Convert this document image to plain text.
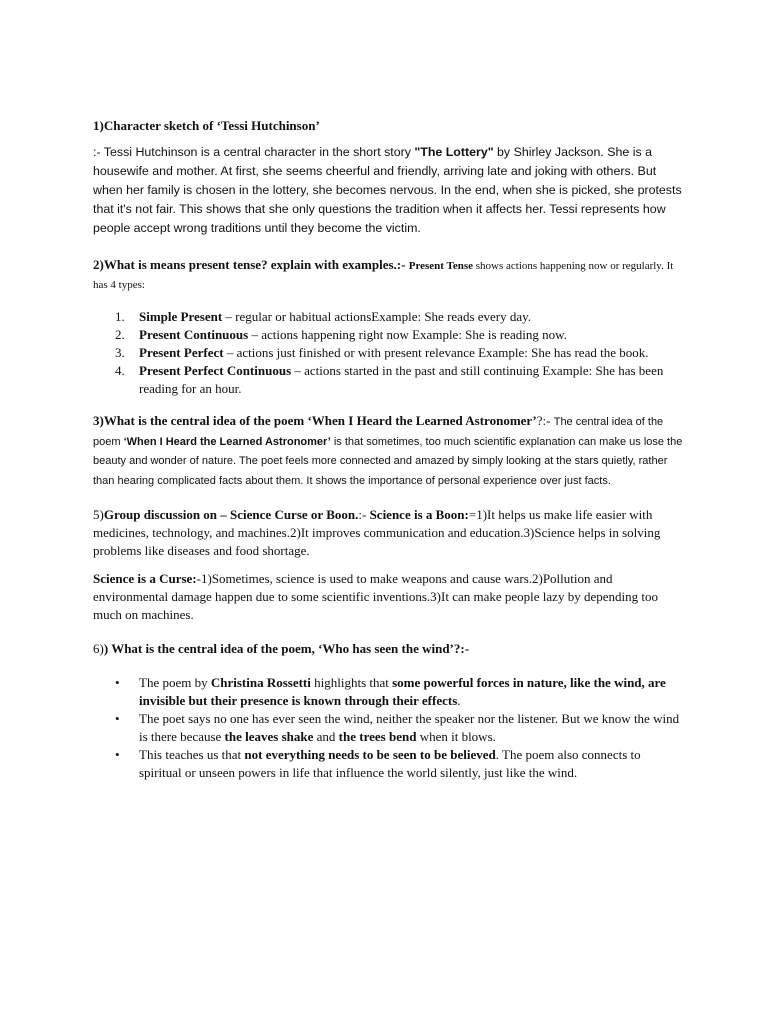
1)Character sketch of ‘Tessi Hutchinson’

:- Tessi Hutchinson is a central character in the short story "The Lottery" by Shirley Jackson. She is a housewife and mother. At first, she seems cheerful and friendly, arriving late and joking with others. But when her family is chosen in the lottery, she becomes nervous. In the end, when she is picked, she protests that it's not fair. This shows that she only questions the tradition when it affects her. Tessi represents how people accept wrong traditions until they become the victim.

2)What is means present tense? explain with examples.:- Present Tense shows actions happening now or regularly. It has 4 types:

1. Simple Present – regular or habitual actionsExample: She reads every day.
2. Present Continuous – actions happening right now Example: She is reading now.
3. Present Perfect – actions just finished or with present relevance Example: She has read the book.
4. Present Perfect Continuous – actions started in the past and still continuing Example: She has been reading for an hour.

3)What is the central idea of the poem ‘When I Heard the Learned Astronomer’?:- The central idea of the poem ‘When I Heard the Learned Astronomer’ is that sometimes, too much scientific explanation can make us lose the beauty and wonder of nature. The poet feels more connected and amazed by simply looking at the stars quietly, rather than hearing complicated facts about them. It shows the importance of personal experience over just facts.

5)Group discussion on – Science Curse or Boon.:- Science is a Boon:=1)It helps us make life easier with medicines, technology, and machines.2)It improves communication and education.3)Science helps in solving problems like diseases and food shortage.

Science is a Curse:-1)Sometimes, science is used to make weapons and cause wars.2)Pollution and environmental damage happen due to some scientific inventions.3)It can make people lazy by depending too much on machines.

6)) What is the central idea of the poem, ‘Who has seen the wind’?:-

• The poem by Christina Rossetti highlights that some powerful forces in nature, like the wind, are invisible but their presence is known through their effects.
• The poet says no one has ever seen the wind, neither the speaker nor the listener. But we know the wind is there because the leaves shake and the trees bend when it blows.
• This teaches us that not everything needs to be seen to be believed. The poem also connects to spiritual or unseen powers in life that influence the world silently, just like the wind.
